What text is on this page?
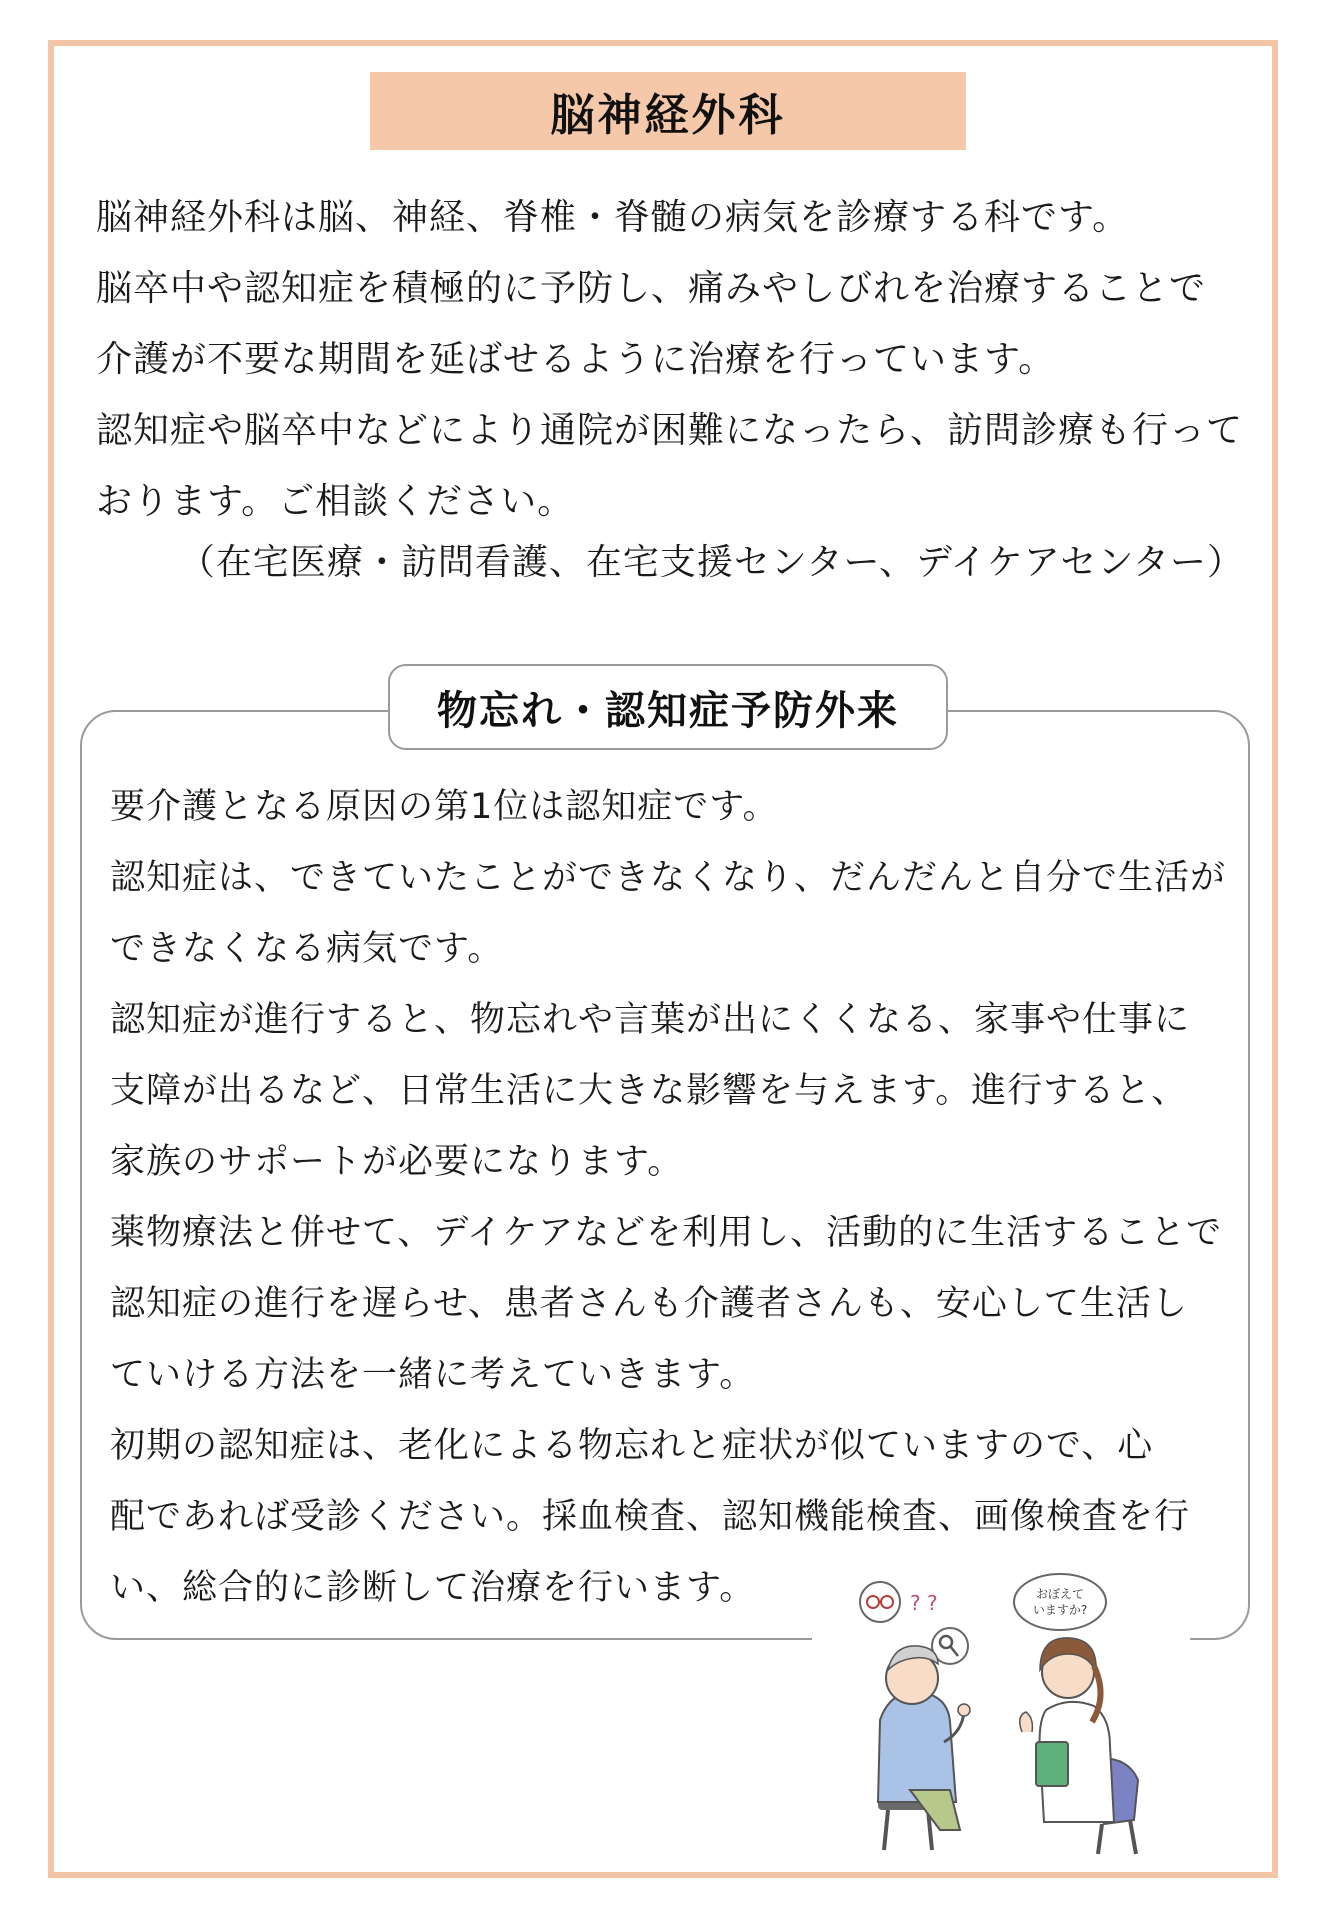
脳神経外科
脳神経外科は脳、神経、脊椎・脊髄の病気を診療する科です。
脳卒中や認知症を積極的に予防し、痛みやしびれを治療することで
介護が不要な期間を延ばせるように治療を行っています。
認知症や脳卒中などにより通院が困難になったら、訪問診療も行って
おります。ご相談ください。
（在宅医療・訪問看護、在宅支援センター、デイケアセンター）
物忘れ・認知症予防外来
要介護となる原因の第1位は認知症です。
認知症は、できていたことができなくなり、だんだんと自分で生活が
できなくなる病気です。
認知症が進行すると、物忘れや言葉が出にくくなる、家事や仕事に
支障が出るなど、日常生活に大きな影響を与えます。進行すると、
家族のサポートが必要になります。
薬物療法と併せて、デイケアなどを利用し、活動的に生活することで
認知症の進行を遅らせ、患者さんも介護者さんも、安心して生活し
ていける方法を一緒に考えていきます。
初期の認知症は、老化による物忘れと症状が似ていますので、心
配であれば受診ください。採血検査、認知機能検査、画像検査を行
い、総合的に診断して治療を行います。	? ?	おぼえて
いますか?
